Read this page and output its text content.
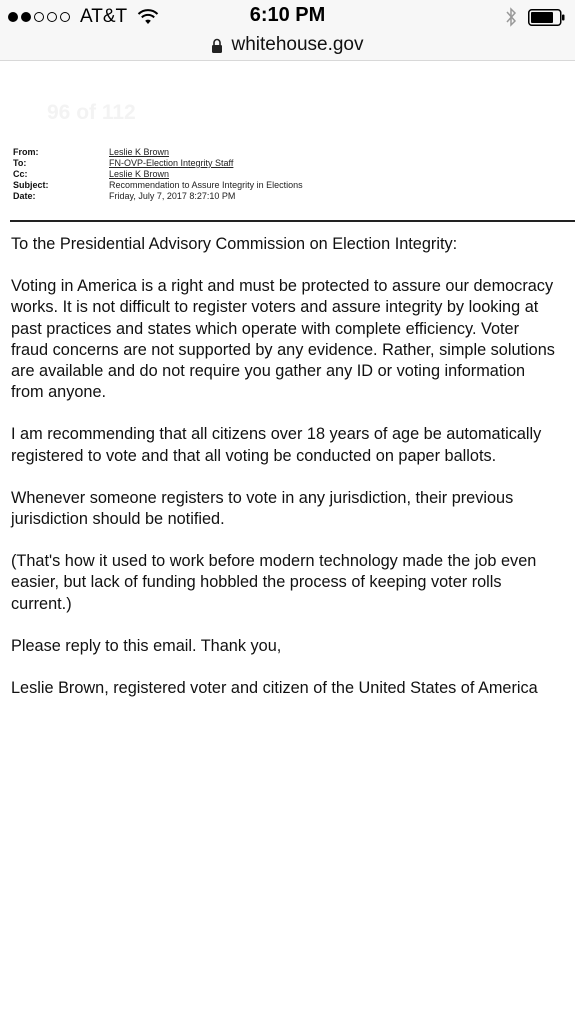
AT&T	6:10 PM
whitehouse.gov
96 of 112
From:	Leslie K Brown
To:	FN-OVP-Election Integrity Staff
Cc:	Leslie K Brown
Subject:	Recommendation to Assure Integrity in Elections
Date:	Friday, July 7, 2017 8:27:10 PM

To the Presidential Advisory Commission on Election Integrity:

Voting in America is a right and must be protected to assure our democracy
works. It is not difficult to register voters and assure integrity by looking at
past practices and states which operate with complete efficiency. Voter
fraud concerns are not supported by any evidence. Rather, simple solutions
are available and do not require you gather any ID or voting information
from anyone.

I am recommending that all citizens over 18 years of age be automatically
registered to vote and that all voting be conducted on paper ballots.

Whenever someone registers to vote in any jurisdiction, their previous
jurisdiction should be notified.

(That's how it used to work before modern technology made the job even
easier, but lack of funding hobbled the process of keeping voter rolls
current.)

Please reply to this email. Thank you,

Leslie Brown, registered voter and citizen of the United States of America
